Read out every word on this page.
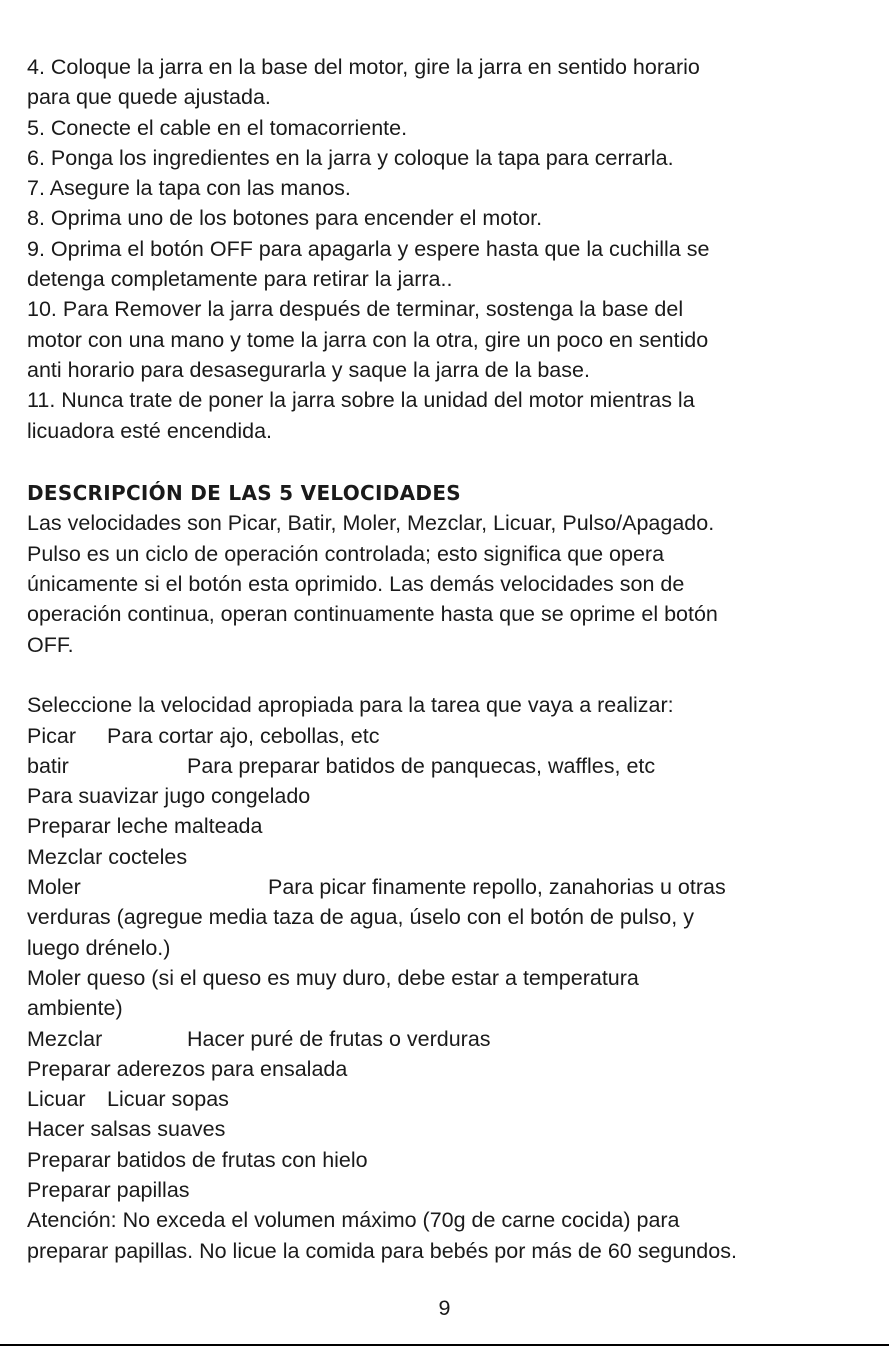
4. Coloque la jarra en la base del motor, gire la jarra en sentido horario
para que quede ajustada.
5. Conecte el cable en el tomacorriente.
6. Ponga los ingredientes en la jarra y coloque la tapa para cerrarla.
7. Asegure la tapa con las manos.
8. Oprima uno de los botones para encender el motor.
9. Oprima el botón OFF para apagarla y espere hasta que la cuchilla se
detenga completamente para retirar la jarra..
10. Para Remover la jarra después de terminar, sostenga la base del
motor con una mano y tome la jarra con la otra, gire un poco en sentido
anti horario para desasegurarla y saque la jarra de la base.
11. Nunca trate de poner la jarra sobre la unidad del motor mientras la
licuadora esté encendida.
DESCRIPCIÓN DE LAS 5 VELOCIDADES
Las velocidades son Picar, Batir, Moler, Mezclar, Licuar, Pulso/Apagado.
Pulso es un ciclo de operación controlada; esto significa que opera
únicamente si el botón esta oprimido. Las demás velocidades son de
operación continua, operan continuamente hasta que se oprime el botón
OFF.
Seleccione la velocidad apropiada para la tarea que vaya a realizar:
Picar Para cortar ajo, cebollas, etc
batir	Para preparar batidos de panquecas, waffles, etc
Para suavizar jugo congelado
Preparar leche malteada
Mezclar cocteles
Moler	Para picar finamente repollo, zanahorias u otras
verduras (agregue media taza de agua, úselo con el botón de pulso, y
luego drénelo.)
Moler queso (si el queso es muy duro, debe estar a temperatura
ambiente)
Mezclar	Hacer puré de frutas o verduras
Preparar aderezos para ensalada
Licuar Licuar sopas
Hacer salsas suaves
Preparar batidos de frutas con hielo
Preparar papillas
Atención: No exceda el volumen máximo (70g de carne cocida) para
preparar papillas. No licue la comida para bebés por más de 60 segundos.
9
